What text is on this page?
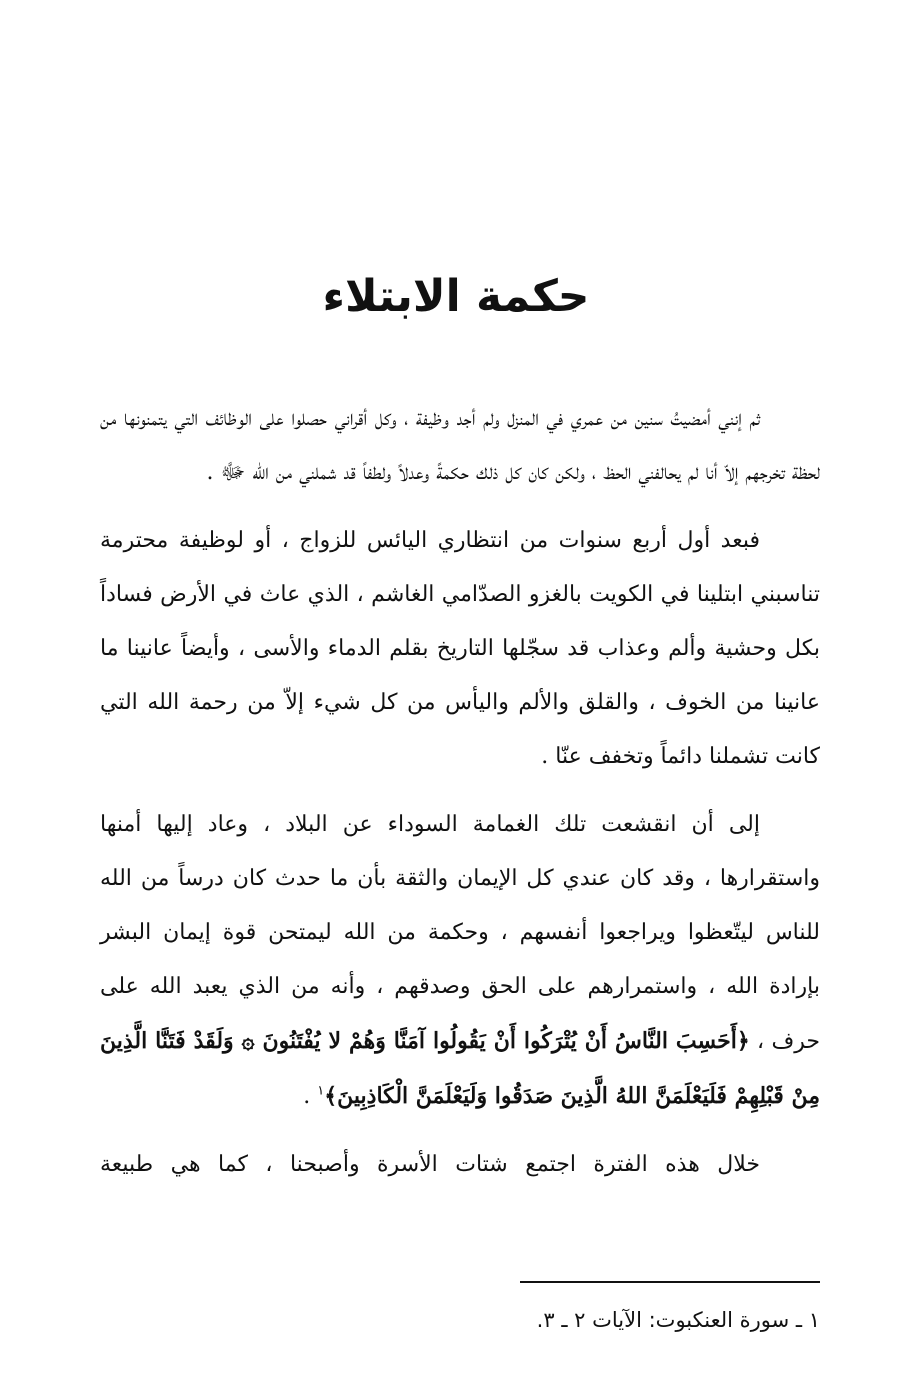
حكمة الابتلاء

ثم إنني أمضيتُ سنين من عمري في المنزل ولم أجد وظيفة ، وكل أقراني حصلوا على الوظائف التي يتمنونها من لحظة تخرجهم إلاّ أنا لم يحالفني الحظ ، ولكن كان كل ذلك حكمةً وعدلاً ولطفاً قد شملني من الله ﷻ .

فبعد أول أربع سنوات من انتظاري اليائس للزواج ، أو لوظيفة محترمة تناسبني ابتلينا في الكويت بالغزو الصدّامي الغاشم ، الذي عاث في الأرض فساداً بكل وحشية وألم وعذاب قد سجّلها التاريخ بقلم الدماء والأسى ، وأيضاً عانينا ما عانينا من الخوف ، والقلق والألم واليأس من كل شيء إلاّ من رحمة الله التي كانت تشملنا دائماً وتخفف عنّا .

إلى أن انقشعت تلك الغمامة السوداء عن البلاد ، وعاد إليها أمنها واستقرارها ، وقد كان عندي كل الإيمان والثقة بأن ما حدث كان درساً من الله للناس ليتّعظوا ويراجعوا أنفسهم ، وحكمة من الله ليمتحن قوة إيمان البشر بإرادة الله ، واستمرارهم على الحق وصدقهم ، وأنه من الذي يعبد الله على حرف ، ﴿أَحَسِبَ النَّاسُ أَنْ يُتْرَكُوا أَنْ يَقُولُوا آمَنَّا وَهُمْ لا يُفْتَنُونَ ۞ وَلَقَدْ فَتَنَّا الَّذِينَ مِنْ قَبْلِهِمْ فَلَيَعْلَمَنَّ اللهُ الَّذِينَ صَدَقُوا وَلَيَعْلَمَنَّ الْكَاذِبِينَ﴾$^١$ .

خلال هذه الفترة اجتمع شتات الأسرة وأصبحنا ، كما هي طبيعة

١ ـ سورة العنكبوت: الآيات ٢ ـ ٣.
